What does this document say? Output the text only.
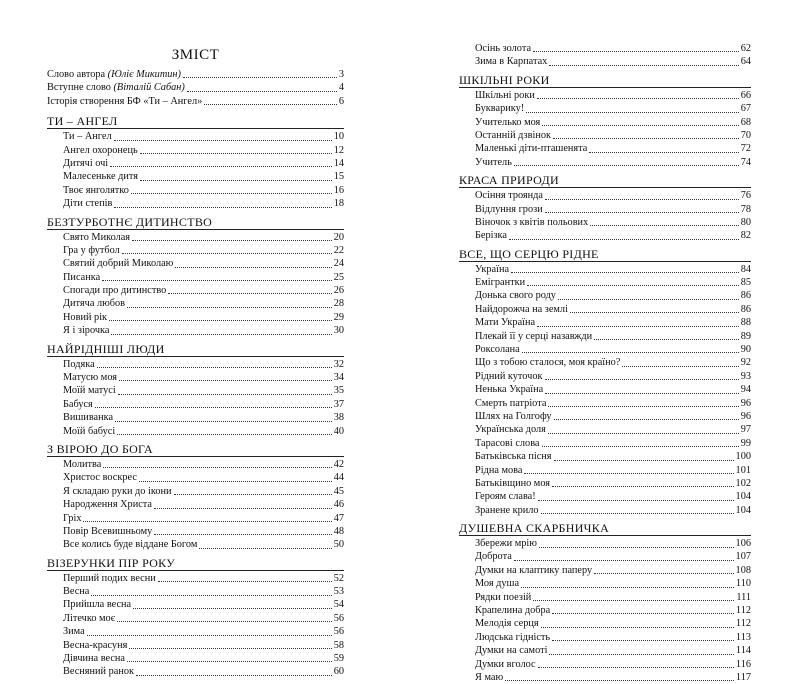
ЗМІСТ
Слово автора (Юліє Микитин)	3
Вступне слово (Віталій Сабан)	4
Історія створення БФ «Ти – Ангел»	6
ТИ – АНГЕЛ
Ти – Ангел	10
Ангел охоронець	12
Дитячі очі	14
Малесеньке дитя	15
Твоє янголятко	16
Діти степів	18
БЕЗТУРБОТНЄ ДИТИНСТВО
Свято Миколая	20
Гра у футбол	22
Святий добрий Миколаю	24
Писанка	25
Спогади про дитинство	26
Дитяча любов	28
Новий рік	29
Я і зірочка	30
НАЙРІДНІШІ ЛЮДИ
Подяка	32
Матусю моя	34
Моїй матусі	35
Бабуся	37
Вишиванка	38
Моїй бабусі	40
З ВІРОЮ ДО БОГА
Молитва	42
Христос воскрес	44
Я складаю руки до ікони	45
Народження Христа	46
Гріх	47
Повір Всевишньому	48
Все колись буде віддане Богом	50
ВІЗЕРУНКИ ПІР РОКУ
Перший подих весни	52
Весна	53
Прийшла весна	54
Літечко моє	56
Зима	56
Весна-красуня	58
Дівчина весна	59
Весняний ранок	60
Осінь золота	62
Зима в Карпатах	64
ШКІЛЬНІ РОКИ
Шкільні роки	66
Букварику!	67
Учителько моя	68
Останній дзвінок	70
Маленькі діти-пташенята	72
Учитель	74
КРАСА ПРИРОДИ
Осіння троянда	76
Відлуння грози	78
Віночок з квітів польових	80
Берізка	82
ВСЕ, ЩО СЕРЦЮ РІДНЕ
Україна	84
Емігрантки	85
Донька свого роду	86
Найдорожча на землі	86
Мати Україна	88
Плекай її у серці назавжди	89
Роксолана	90
Що з тобою сталося, моя країно?	92
Рідний куточок	93
Ненька Україна	94
Смерть патріота	96
Шлях на Голгофу	96
Українська доля	97
Тарасові слова	99
Батьківська пісня	100
Рідна мова	101
Батьківщино моя	102
Героям слава!	104
Зранене крило	104
ДУШЕВНА СКАРБНИЧКА
Збережи мрію	106
Доброта	107
Думки на клаптику паперу	108
Моя душа	110
Рядки поезій	111
Крапелина добра	112
Мелодія серця	112
Людська гідність	113
Думки на самоті	114
Думки вголос	116
Я маю	117
